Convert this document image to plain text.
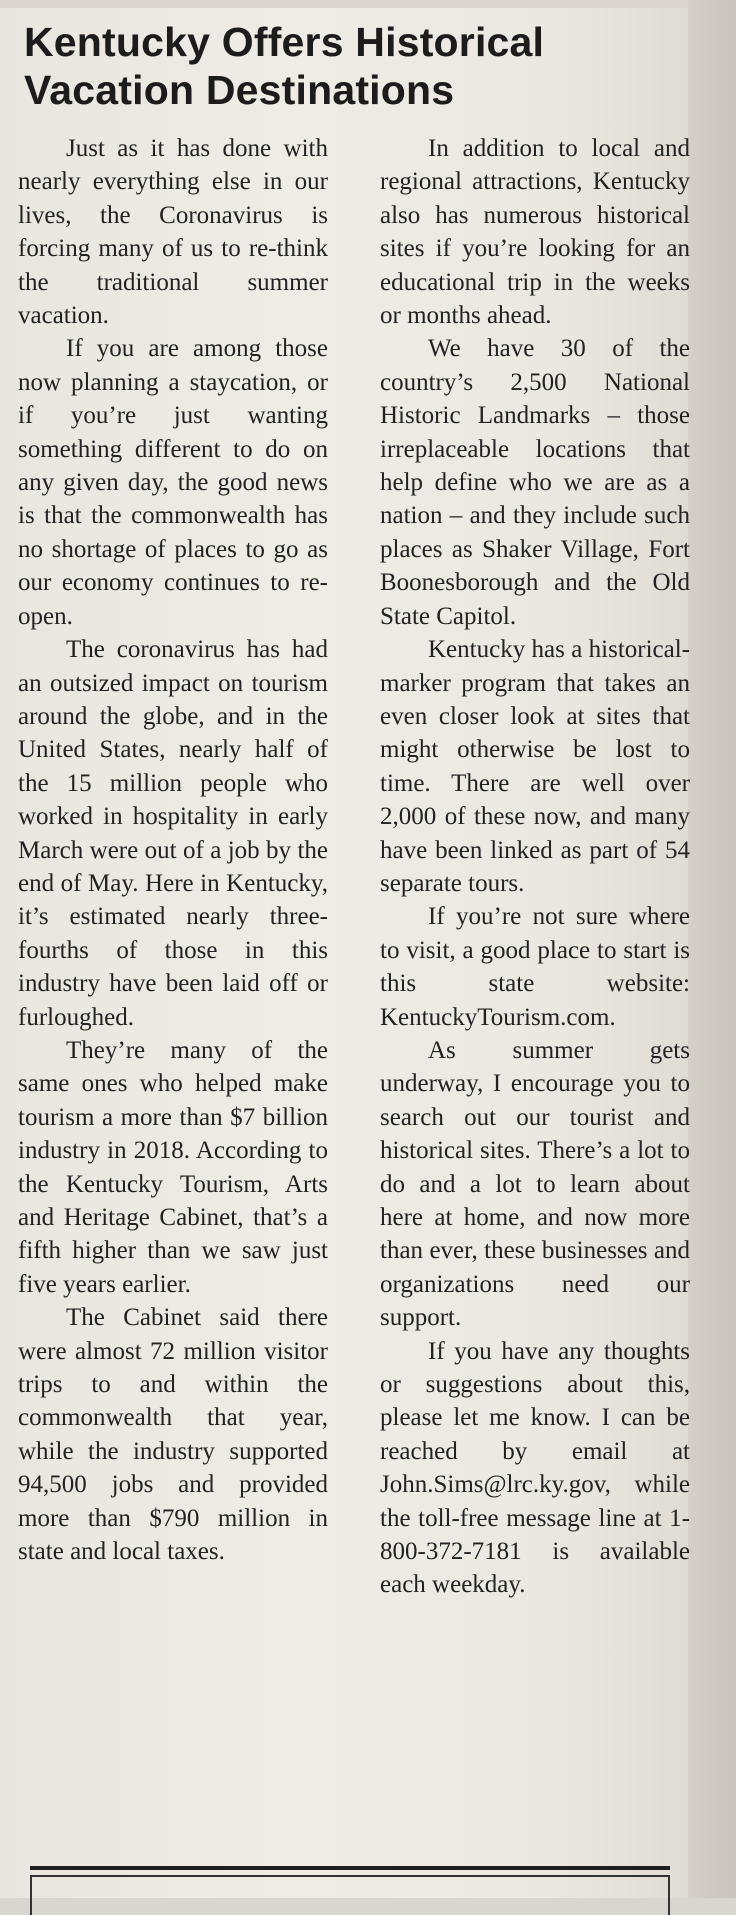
Kentucky Offers Historical
Vacation Destinations

Just as it has done with nearly everything else in our lives, the Coronavirus is forcing many of us to re-think the traditional summer vacation.

If you are among those now planning a staycation, or if you’re just wanting something different to do on any given day, the good news is that the commonwealth has no shortage of places to go as our economy continues to re-open.

The coronavirus has had an outsized impact on tourism around the globe, and in the United States, nearly half of the 15 million people who worked in hospitality in early March were out of a job by the end of May. Here in Kentucky, it’s estimated nearly three-fourths of those in this industry have been laid off or furloughed.

They’re many of the same ones who helped make tourism a more than $7 billion industry in 2018. According to the Kentucky Tourism, Arts and Heritage Cabinet, that’s a fifth higher than we saw just five years earlier.

The Cabinet said there were almost 72 million visitor trips to and within the commonwealth that year, while the industry supported 94,500 jobs and provided more than $790 million in state and local taxes.

In addition to local and regional attractions, Kentucky also has numerous historical sites if you’re looking for an educational trip in the weeks or months ahead.

We have 30 of the country’s 2,500 National Historic Landmarks – those irreplaceable locations that help define who we are as a nation – and they include such places as Shaker Village, Fort Boonesborough and the Old State Capitol.

Kentucky has a historical-marker program that takes an even closer look at sites that might otherwise be lost to time. There are well over 2,000 of these now, and many have been linked as part of 54 separate tours.

If you’re not sure where to visit, a good place to start is this state website: KentuckyTourism.com.

As summer gets underway, I encourage you to search out our tourist and historical sites. There’s a lot to do and a lot to learn about here at home, and now more than ever, these businesses and organizations need our support.

If you have any thoughts or suggestions about this, please let me know. I can be reached by email at John.Sims@lrc.ky.gov, while the toll-free message line at 1-800-372-7181 is available each weekday.
